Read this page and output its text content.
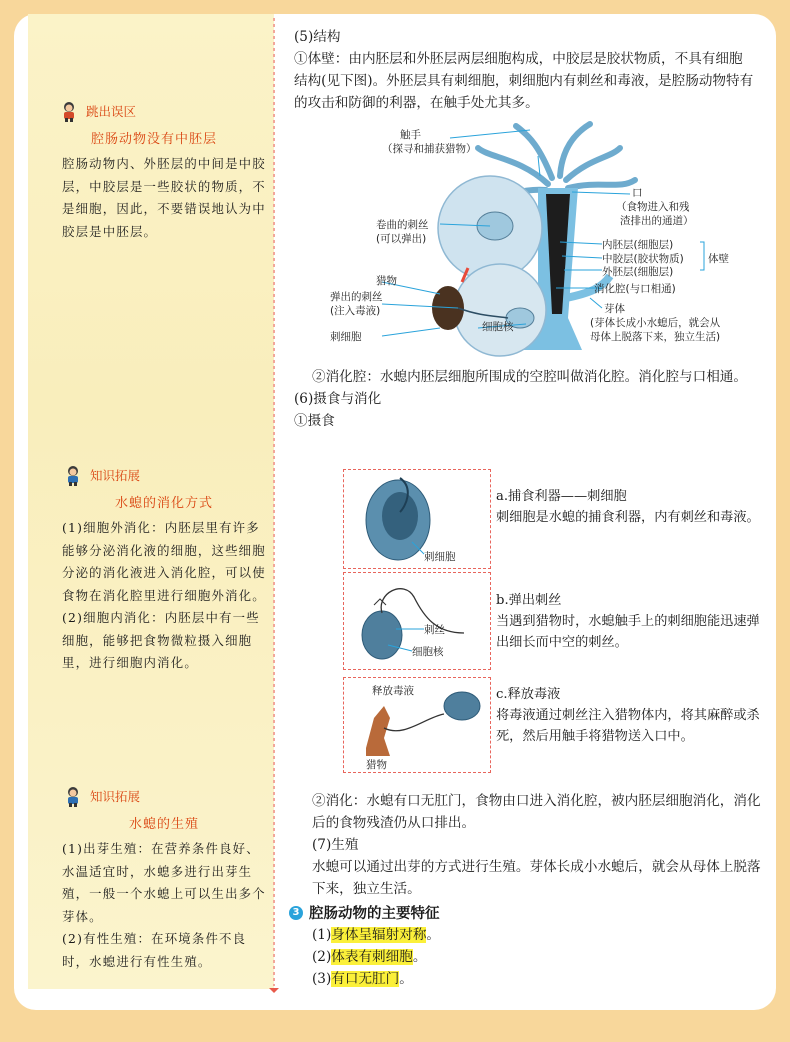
跳出误区
腔肠动物没有中胚层

腔肠动物内、外胚层的中间是中胶层，中胶层是一些胶状的物质，不是细胞，因此，不要错误地认为中胶层是中胚层。

知识拓展
水螅的消化方式

(1)细胞外消化：内胚层里有许多能够分泌消化液的细胞，这些细胞分泌的消化液进入消化腔，可以使食物在消化腔里进行细胞外消化。

(2)细胞内消化：内胚层中有一些细胞，能够把食物微粒摄入细胞里，进行细胞内消化。

知识拓展
水螅的生殖

(1)出芽生殖：在营养条件良好、水温适宜时，水螅多进行出芽生殖，一般一个水螅上可以生出多个芽体。

(2)有性生殖：在环境条件不良时，水螅进行有性生殖。

(5)结构

①体壁：由内胚层和外胚层两层细胞构成，中胶层是胶状物质，不具有细胞结构(见下图)。外胚层具有刺细胞，刺细胞内有刺丝和毒液，是腔肠动物特有的攻击和防御的利器，在触手处尤其多。

触手
（探寻和捕获猎物）
口
（食物进入和残
渣排出的通道）
卷曲的刺丝
(可以弹出)	内胚层(细胞层)
中胶层(胶状物质)
外胚层(细胞层)
体壁
猎物
弹出的刺丝
(注入毒液)
刺细胞
细胞核
消化腔(与口相通)
芽体
(芽体长成小水螅后，就会从
母体上脱落下来，独立生活)

②消化腔：水螅内胚层细胞所围成的空腔叫做消化腔。消化腔与口相通。

(6)摄食与消化

①摄食

刺细胞
a.捕食利器——刺细胞
刺细胞是水螅的捕食利器，内有刺丝和毒液。
刺丝
细胞核
b.弹出刺丝
当遇到猎物时，水螅触手上的刺细胞能迅速弹出细长而中空的刺丝。
释放毒液
猎物
c.释放毒液
将毒液通过刺丝注入猎物体内，将其麻醉或杀死，然后用触手将猎物送入口中。

②消化：水螅有口无肛门，食物由口进入消化腔，被内胚层细胞消化，消化后的食物残渣仍从口排出。

(7)生殖

水螅可以通过出芽的方式进行生殖。芽体长成小水螅后，就会从母体上脱落下来，独立生活。

3 腔肠动物的主要特征
(1)身体呈辐射对称。
(2)体表有刺细胞。
(3)有口无肛门。
